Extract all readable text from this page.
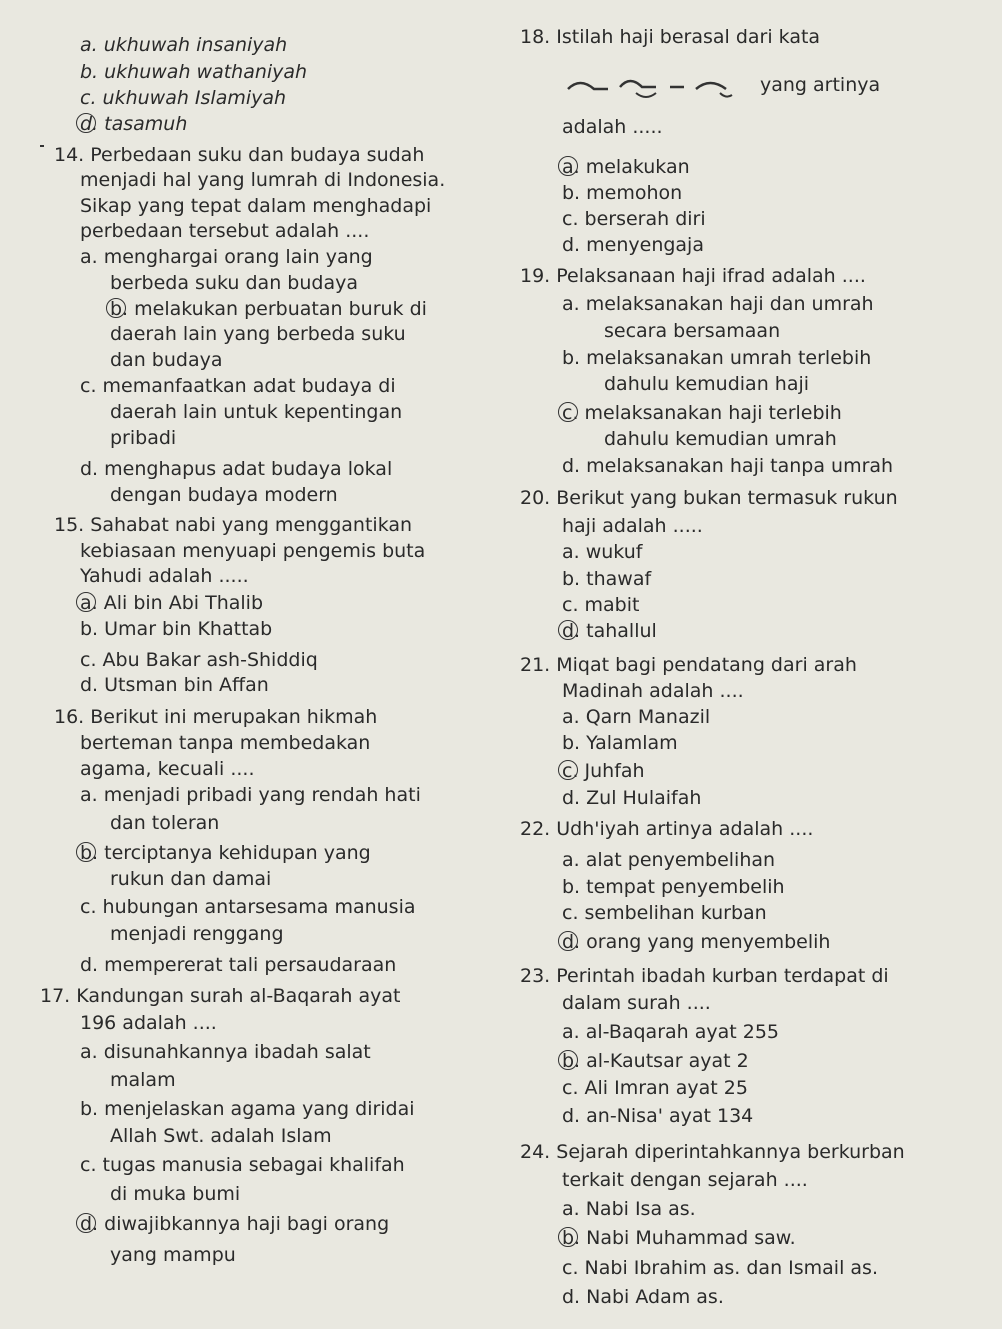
a. ukhuwah insaniyah
b. ukhuwah wathaniyah
c. ukhuwah Islamiyah
d. tasamuh
14. Perbedaan suku dan budaya sudah
menjadi hal yang lumrah di Indonesia.
Sikap yang tepat dalam menghadapi
perbedaan tersebut adalah ....
a. menghargai orang lain yang
berbeda suku dan budaya
b. melakukan perbuatan buruk di
daerah lain yang berbeda suku
dan budaya
c. memanfaatkan adat budaya di
daerah lain untuk kepentingan
pribadi
d. menghapus adat budaya lokal
dengan budaya modern
15. Sahabat nabi yang menggantikan
kebiasaan menyuapi pengemis buta
Yahudi adalah .....
a. Ali bin Abi Thalib
b. Umar bin Khattab
c. Abu Bakar ash-Shiddiq
d. Utsman bin Affan
16. Berikut ini merupakan hikmah
berteman tanpa membedakan
agama, kecuali ....
a. menjadi pribadi yang rendah hati
dan toleran
b. terciptanya kehidupan yang
rukun dan damai
c. hubungan antarsesama manusia
menjadi renggang
d. mempererat tali persaudaraan
17. Kandungan surah al-Baqarah ayat
196 adalah ....
a. disunahkannya ibadah salat
malam
b. menjelaskan agama yang diridai
Allah Swt. adalah Islam
c. tugas manusia sebagai khalifah
di muka bumi
d. diwajibkannya haji bagi orang
yang mampu
18. Istilah haji berasal dari kata
yang artinya
adalah .....
a. melakukan
b. memohon
c. berserah diri
d. menyengaja
19. Pelaksanaan haji ifrad adalah ....
a. melaksanakan haji dan umrah
secara bersamaan
b. melaksanakan umrah terlebih
dahulu kemudian haji
c. melaksanakan haji terlebih
dahulu kemudian umrah
d. melaksanakan haji tanpa umrah
20. Berikut yang bukan termasuk rukun
haji adalah .....
a. wukuf
b. thawaf
c. mabit
d. tahallul
21. Miqat bagi pendatang dari arah
Madinah adalah ....
a. Qarn Manazil
b. Yalamlam
c. Juhfah
d. Zul Hulaifah
22. Udh'iyah artinya adalah ....
a. alat penyembelihan
b. tempat penyembelih
c. sembelihan kurban
d. orang yang menyembelih
23. Perintah ibadah kurban terdapat di
dalam surah ....
a. al-Baqarah ayat 255
b. al-Kautsar ayat 2
c. Ali Imran ayat 25
d. an-Nisa' ayat 134
24. Sejarah diperintahkannya berkurban
terkait dengan sejarah ....
a. Nabi Isa as.
b. Nabi Muhammad saw.
c. Nabi Ibrahim as. dan Ismail as.
d. Nabi Adam as.
